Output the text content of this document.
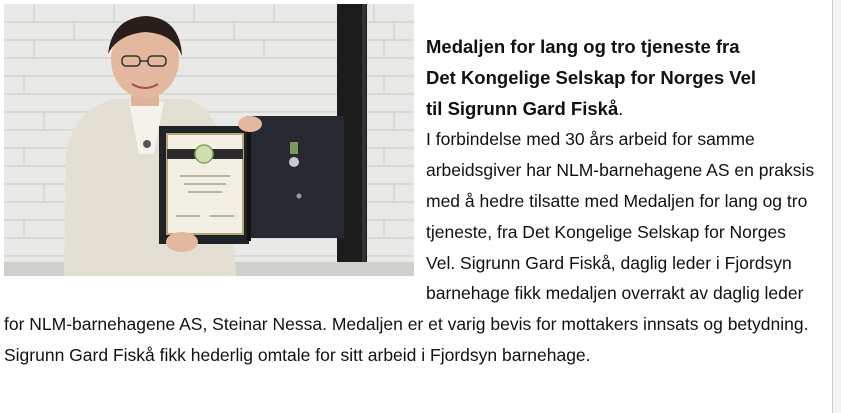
Medaljen for lang og tro tjeneste fra
Det Kongelige Selskap for Norges Vel
til Sigrunn Gard Fiskå.
I forbindelse med 30 års arbeid for samme arbeidsgiver har NLM-barnehagene AS en praksis med å hedre tilsatte med Medaljen for lang og tro tjeneste, fra Det Kongelige Selskap for Norges Vel. Sigrunn Gard Fiskå, daglig leder i Fjordsyn barnehage fikk medaljen overrakt av daglig leder for NLM-barnehagene AS, Steinar Nessa. Medaljen er et varig bevis for mottakers innsats og betydning. Sigrunn Gard Fiskå fikk hederlig omtale for sitt arbeid i Fjordsyn barnehage.
